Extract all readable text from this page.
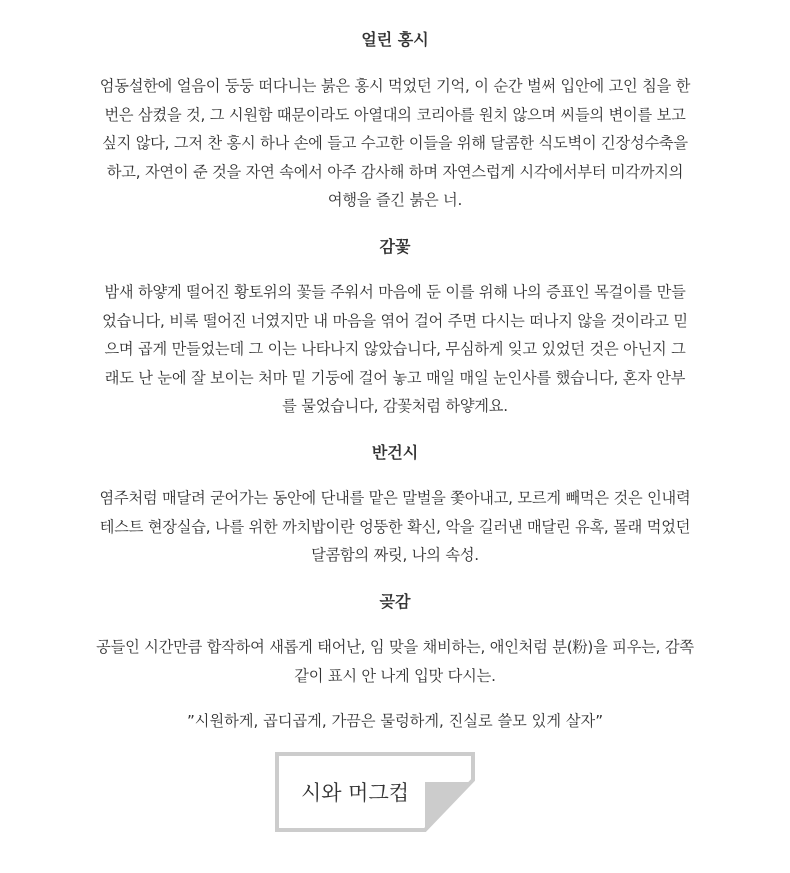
얼린 홍시

엄동설한에 얼음이 둥둥 떠다니는 붉은 홍시 먹었던 기억, 이 순간 벌써 입안에 고인 침을 한

번은 삼켰을 것, 그 시원함 때문이라도 아열대의 코리아를 원치 않으며 씨들의 변이를 보고

싶지 않다, 그저 찬 홍시 하나 손에 들고 수고한 이들을 위해 달콤한 식도벽이 긴장성수축을

하고, 자연이 준 것을 자연 속에서 아주 감사해 하며 자연스럽게 시각에서부터 미각까지의

여행을 즐긴 붉은 너.

감꽃

밤새 하얗게 떨어진 황토위의 꽃들 주워서 마음에 둔 이를 위해 나의 증표인 목걸이를 만들

었습니다, 비록 떨어진 너였지만 내 마음을 엮어 걸어 주면 다시는 떠나지 않을 것이라고 믿

으며 곱게 만들었는데 그 이는 나타나지 않았습니다, 무심하게 잊고 있었던 것은 아닌지 그

래도 난 눈에 잘 보이는 처마 밑 기둥에 걸어 놓고 매일 매일 눈인사를 했습니다, 혼자 안부

를 물었습니다, 감꽃처럼 하얗게요.

반건시

염주처럼 매달려 굳어가는 동안에 단내를 맡은 말벌을 쫓아내고, 모르게 빼먹은 것은 인내력

테스트 현장실습, 나를 위한 까치밥이란 엉뚱한 확신, 악을 길러낸 매달린 유혹, 몰래 먹었던

달콤함의 짜릿, 나의 속성.

곶감

공들인 시간만큼 합작하여 새롭게 태어난, 임 맞을 채비하는, 애인처럼 분(粉)을 피우는, 감쪽

같이 표시 안 나게 입맛 다시는.

”시원하게, 곱디곱게, 가끔은 물렁하게, 진실로 쓸모 있게 살자”

시와 머그컵
